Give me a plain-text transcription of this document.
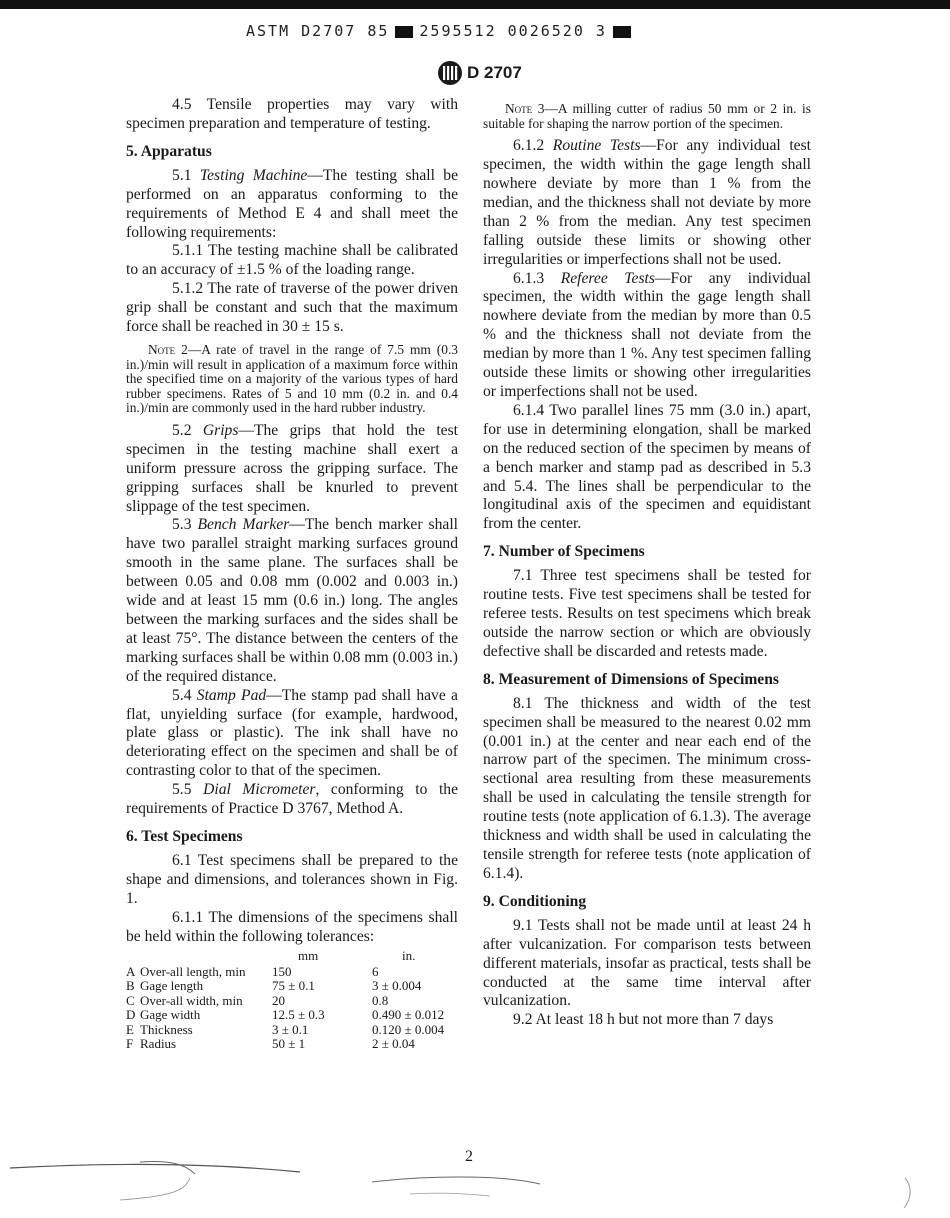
ASTM D2707 85 2595512 0026520 3
D 2707

4.5 Tensile properties may vary with specimen preparation and temperature of testing.

5. Apparatus

5.1 Testing Machine—The testing shall be performed on an apparatus conforming to the requirements of Method E 4 and shall meet the following requirements:

5.1.1 The testing machine shall be calibrated to an accuracy of ±1.5 % of the loading range.

5.1.2 The rate of traverse of the power driven grip shall be constant and such that the maximum force shall be reached in 30 ± 15 s.

Note 2—A rate of travel in the range of 7.5 mm (0.3 in.)/min will result in application of a maximum force within the specified time on a majority of the various types of hard rubber specimens. Rates of 5 and 10 mm (0.2 in. and 0.4 in.)/min are commonly used in the hard rubber industry.

5.2 Grips—The grips that hold the test specimen in the testing machine shall exert a uniform pressure across the gripping surface. The gripping surfaces shall be knurled to prevent slippage of the test specimen.

5.3 Bench Marker—The bench marker shall have two parallel straight marking surfaces ground smooth in the same plane. The surfaces shall be between 0.05 and 0.08 mm (0.002 and 0.003 in.) wide and at least 15 mm (0.6 in.) long. The angles between the marking surfaces and the sides shall be at least 75°. The distance between the centers of the marking surfaces shall be within 0.08 mm (0.003 in.) of the required distance.

5.4 Stamp Pad—The stamp pad shall have a flat, unyielding surface (for example, hardwood, plate glass or plastic). The ink shall have no deteriorating effect on the specimen and shall be of contrasting color to that of the specimen.

5.5 Dial Micrometer, conforming to the requirements of Practice D 3767, Method A.

6. Test Specimens

6.1 Test specimens shall be prepared to the shape and dimensions, and tolerances shown in Fig. 1.

6.1.1 The dimensions of the specimens shall be held within the following tolerances:

		mm	in.
A	Over-all length, min	150	6
B	Gage length	75 ± 0.1	3 ± 0.004
C	Over-all width, min	20	0.8
D	Gage width	12.5 ± 0.3	0.490 ± 0.012
E	Thickness	3 ± 0.1	0.120 ± 0.004
F	Radius	50 ± 1	2 ± 0.04

Note 3—A milling cutter of radius 50 mm or 2 in. is suitable for shaping the narrow portion of the specimen.

6.1.2 Routine Tests—For any individual test specimen, the width within the gage length shall nowhere deviate by more than 1 % from the median, and the thickness shall not deviate by more than 2 % from the median. Any test specimen falling outside these limits or showing other irregularities or imperfections shall not be used.

6.1.3 Referee Tests—For any individual specimen, the width within the gage length shall nowhere deviate from the median by more than 0.5 % and the thickness shall not deviate from the median by more than 1 %. Any test specimen falling outside these limits or showing other irregularities or imperfections shall not be used.

6.1.4 Two parallel lines 75 mm (3.0 in.) apart, for use in determining elongation, shall be marked on the reduced section of the specimen by means of a bench marker and stamp pad as described in 5.3 and 5.4. The lines shall be perpendicular to the longitudinal axis of the specimen and equidistant from the center.

7. Number of Specimens

7.1 Three test specimens shall be tested for routine tests. Five test specimens shall be tested for referee tests. Results on test specimens which break outside the narrow section or which are obviously defective shall be discarded and retests made.

8. Measurement of Dimensions of Specimens

8.1 The thickness and width of the test specimen shall be measured to the nearest 0.02 mm (0.001 in.) at the center and near each end of the narrow part of the specimen. The minimum cross-sectional area resulting from these measurements shall be used in calculating the tensile strength for routine tests (note application of 6.1.3). The average thickness and width shall be used in calculating the tensile strength for referee tests (note application of 6.1.4).

9. Conditioning

9.1 Tests shall not be made until at least 24 h after vulcanization. For comparison tests between different materials, insofar as practical, tests shall be conducted at the same time interval after vulcanization.

9.2 At least 18 h but not more than 7 days

2
